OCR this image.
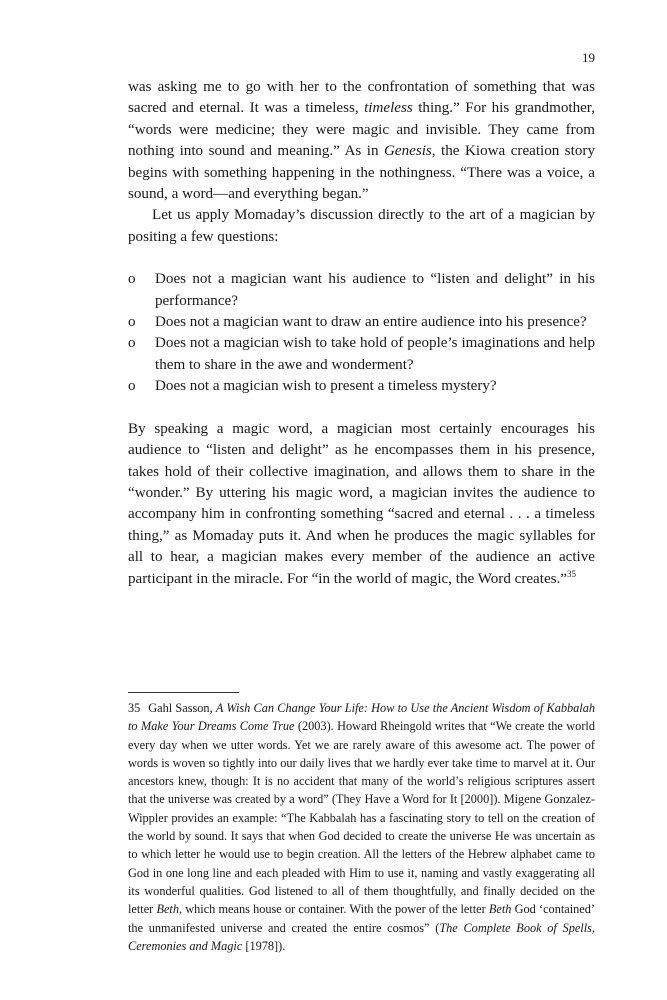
19

was asking me to go with her to the confrontation of something that was sacred and eternal. It was a timeless, timeless thing.” For his grandmother, “words were medicine; they were magic and invisible. They came from nothing into sound and meaning.” As in Genesis, the Kiowa creation story begins with something happening in the nothingness. “There was a voice, a sound, a word—and everything began.”

Let us apply Momaday’s discussion directly to the art of a magician by positing a few questions:

o Does not a magician want his audience to “listen and delight” in his performance?
o Does not a magician want to draw an entire audience into his presence?
o Does not a magician wish to take hold of people’s imaginations and help them to share in the awe and wonderment?
o Does not a magician wish to present a timeless mystery?

By speaking a magic word, a magician most certainly encourages his audience to “listen and delight” as he encompasses them in his presence, takes hold of their collective imagination, and allows them to share in the “wonder.” By uttering his magic word, a magician invites the audience to accompany him in confronting something “sacred and eternal . . . a timeless thing,” as Momaday puts it. And when he produces the magic syllables for all to hear, a magician makes every member of the audience an active participant in the miracle. For “in the world of magic, the Word creates.”$^{35}$

35 Gahl Sasson, A Wish Can Change Your Life: How to Use the Ancient Wisdom of Kabbalah to Make Your Dreams Come True (2003). Howard Rheingold writes that “We create the world every day when we utter words. Yet we are rarely aware of this awesome act. The power of words is woven so tightly into our daily lives that we hardly ever take time to marvel at it. Our ancestors knew, though: It is no accident that many of the world’s religious scriptures assert that the universe was created by a word” (They Have a Word for It [2000]). Migene Gonzalez-Wippler provides an example: “The Kabbalah has a fascinating story to tell on the creation of the world by sound. It says that when God decided to create the universe He was uncertain as to which letter he would use to begin creation. All the letters of the Hebrew alphabet came to God in one long line and each pleaded with Him to use it, naming and vastly exaggerating all its wonderful qualities. God listened to all of them thoughtfully, and finally decided on the letter Beth, which means house or container. With the power of the letter Beth God ‘contained’ the unmanifested universe and created the entire cosmos” (The Complete Book of Spells, Ceremonies and Magic [1978]).
